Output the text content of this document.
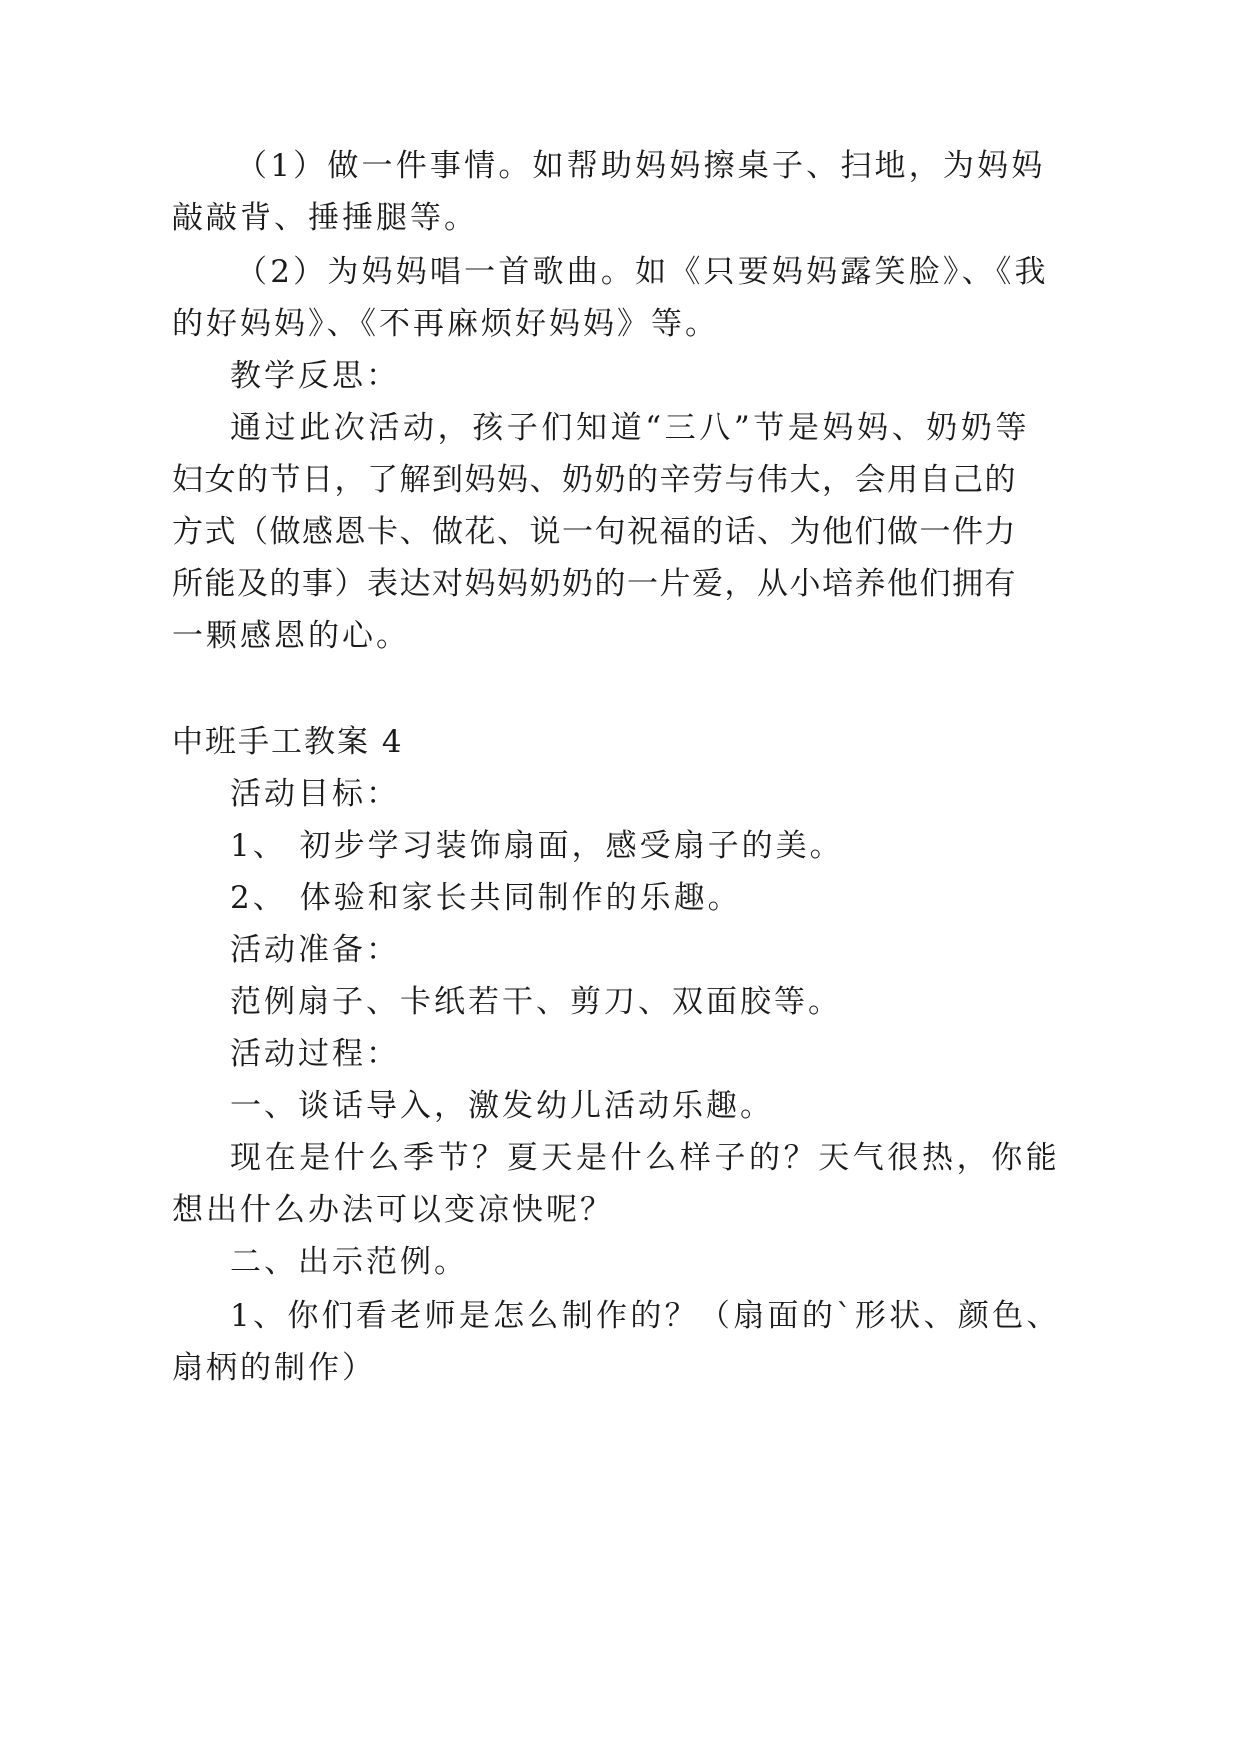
（1）做一件事情。如帮助妈妈擦桌子、扫地，为妈妈
敲敲背、捶捶腿等。
（2）为妈妈唱一首歌曲。如《只要妈妈露笑脸》、《我
的好妈妈》、《不再麻烦好妈妈》等。
教学反思：
通过此次活动，孩子们知道“三八”节是妈妈、奶奶等
妇女的节日，了解到妈妈、奶奶的辛劳与伟大，会用自己的
方式（做感恩卡、做花、说一句祝福的话、为他们做一件力
所能及的事）表达对妈妈奶奶的一片爱，从小培养他们拥有
一颗感恩的心。
中班手工教案 4
活动目标：
1、 初步学习装饰扇面，感受扇子的美。
2、 体验和家长共同制作的乐趣。
活动准备：
范例扇子、卡纸若干、剪刀、双面胶等。
活动过程：
一、谈话导入，激发幼儿活动乐趣。
现在是什么季节？夏天是什么样子的？天气很热，你能
想出什么办法可以变凉快呢？
二、出示范例。
1、你们看老师是怎么制作的？（扇面的`形状、颜色、
扇柄的制作）
